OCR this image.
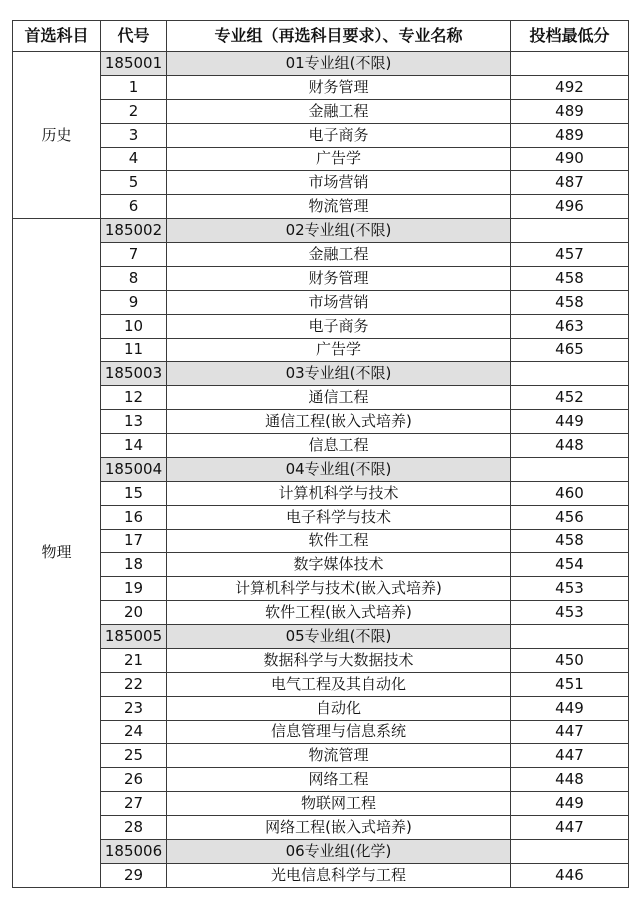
首选科目	代号	专业组（再选科目要求）、专业名称	投档最低分
历史	185001	01专业组(不限)	
	1	财务管理	492
	2	金融工程	489
	3	电子商务	489
	4	广告学	490
	5	市场营销	487
	6	物流管理	496
物理	185002	02专业组(不限)	
	7	金融工程	457
	8	财务管理	458
	9	市场营销	458
	10	电子商务	463
	11	广告学	465
	185003	03专业组(不限)	
	12	通信工程	452
	13	通信工程(嵌入式培养)	449
	14	信息工程	448
	185004	04专业组(不限)	
	15	计算机科学与技术	460
	16	电子科学与技术	456
	17	软件工程	458
	18	数字媒体技术	454
	19	计算机科学与技术(嵌入式培养)	453
	20	软件工程(嵌入式培养)	453
	185005	05专业组(不限)	
	21	数据科学与大数据技术	450
	22	电气工程及其自动化	451
	23	自动化	449
	24	信息管理与信息系统	447
	25	物流管理	447
	26	网络工程	448
	27	物联网工程	449
	28	网络工程(嵌入式培养)	447
	185006	06专业组(化学)	
	29	光电信息科学与工程	446
